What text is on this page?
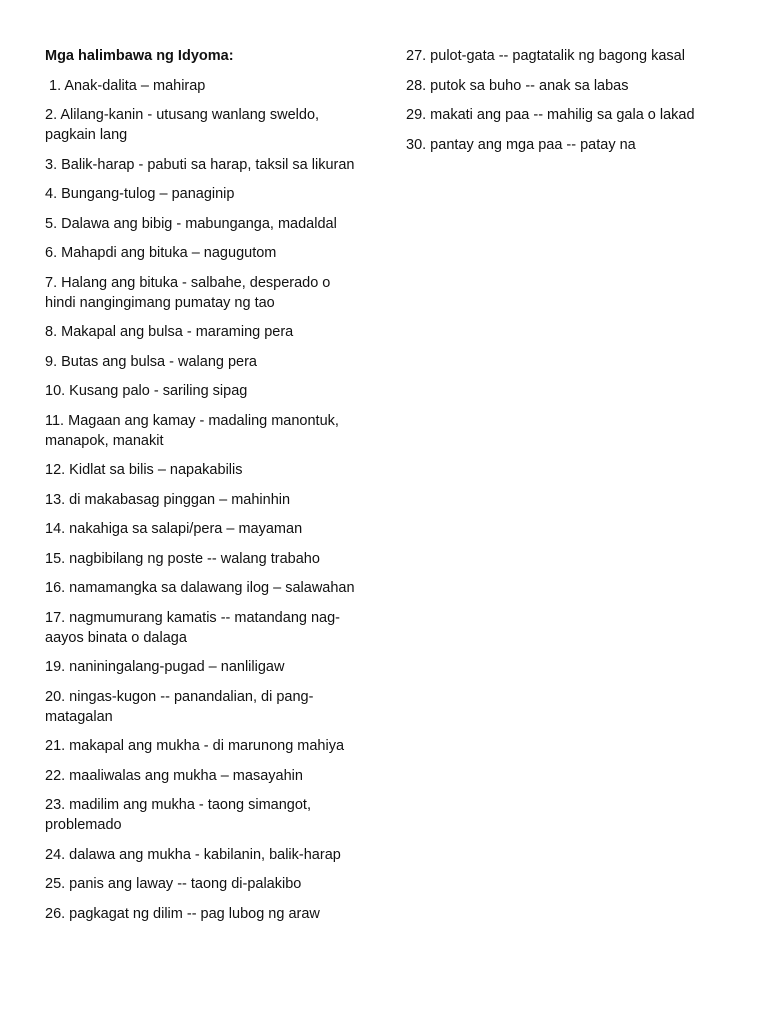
Mga halimbawa ng Idyoma:
1. Anak-dalita – mahirap
2. Alilang-kanin - utusang wanlang sweldo, pagkain lang
3. Balik-harap - pabuti sa harap, taksil sa likuran
4. Bungang-tulog – panaginip
5. Dalawa ang bibig - mabunganga, madaldal
6. Mahapdi ang bituka – nagugutom
7. Halang ang bituka - salbahe, desperado o hindi nangingimang pumatay ng tao
8. Makapal ang bulsa - maraming pera
9. Butas ang bulsa - walang pera
10. Kusang palo - sariling sipag
11. Magaan ang kamay - madaling manontuk, manapok, manakit
12. Kidlat sa bilis – napakabilis
13. di makabasag pinggan – mahinhin
14. nakahiga sa salapi/pera – mayaman
15. nagbibilang ng poste -- walang trabaho
16. namamangka sa dalawang ilog – salawahan
17. nagmumurang kamatis -- matandang nag-aayos binata o dalaga
19. naniningalang-pugad – nanliligaw
20. ningas-kugon -- panandalian, di pang-matagalan
21. makapal ang mukha - di marunong mahiya
22. maaliwalas ang mukha – masayahin
23. madilim ang mukha - taong simangot, problemado
24. dalawa ang mukha - kabilanin, balik-harap
25. panis ang laway -- taong di-palakibo
26. pagkagat ng dilim -- pag lubog ng araw
27. pulot-gata -- pagtatalik ng bagong kasal
28. putok sa buho -- anak sa labas
29. makati ang paa -- mahilig sa gala o lakad
30. pantay ang mga paa -- patay na
